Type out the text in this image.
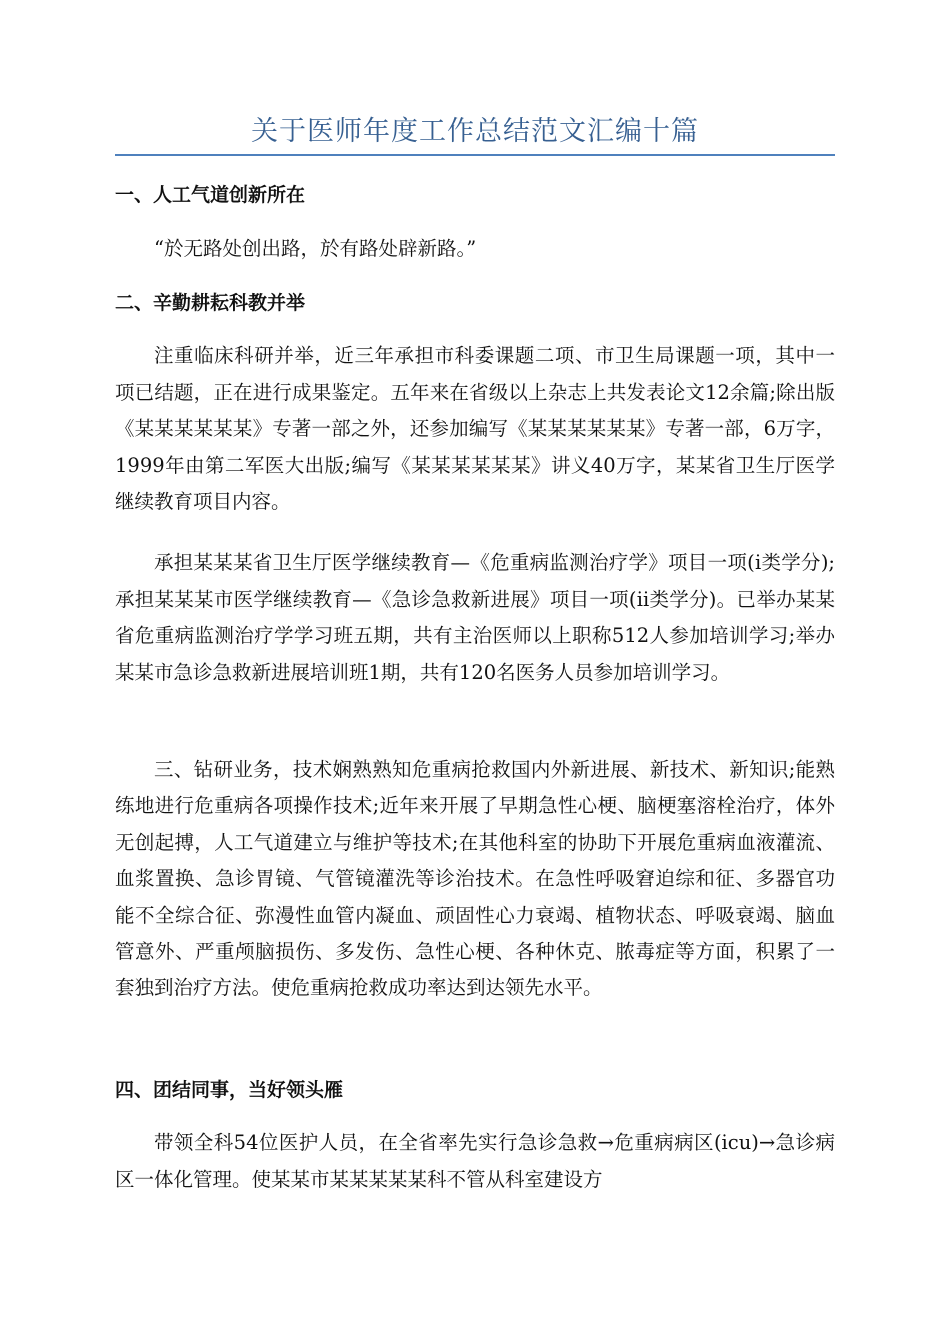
关于医师年度工作总结范文汇编十篇
一、人工气道创新所在
“於无路处创出路，於有路处辟新路。”
二、辛勤耕耘科教并举
注重临床科研并举，近三年承担市科委课题二项、市卫生局课题一项，其中一项已结题，正在进行成果鉴定。五年来在省级以上杂志上共发表论文12余篇;除出版《某某某某某某》专著一部之外，还参加编写《某某某某某某》专著一部，6万字，1999年由第二军医大出版;编写《某某某某某某》讲义40万字，某某省卫生厅医学继续教育项目内容。
承担某某某省卫生厅医学继续教育—《危重病监测治疗学》项目一项(ⅰ类学分);承担某某某市医学继续教育—《急诊急救新进展》项目一项(ⅱ类学分)。已举办某某省危重病监测治疗学学习班五期，共有主治医师以上职称512人参加培训学习;举办某某市急诊急救新进展培训班1期，共有120名医务人员参加培训学习。
三、钻研业务，技术娴熟熟知危重病抢救国内外新进展、新技术、新知识;能熟练地进行危重病各项操作技术;近年来开展了早期急性心梗、脑梗塞溶栓治疗，体外无创起搏，人工气道建立与维护等技术;在其他科室的协助下开展危重病血液灌流、血浆置换、急诊胃镜、气管镜灌洗等诊治技术。在急性呼吸窘迫综和征、多器官功能不全综合征、弥漫性血管内凝血、顽固性心力衰竭、植物状态、呼吸衰竭、脑血管意外、严重颅脑损伤、多发伤、急性心梗、各种休克、脓毒症等方面，积累了一套独到治疗方法。使危重病抢救成功率达到达领先水平。
四、团结同事，当好领头雁
带领全科54位医护人员，在全省率先实行急诊急救→危重病病区(icu)→急诊病区一体化管理。使某某市某某某某某科不管从科室建设方
